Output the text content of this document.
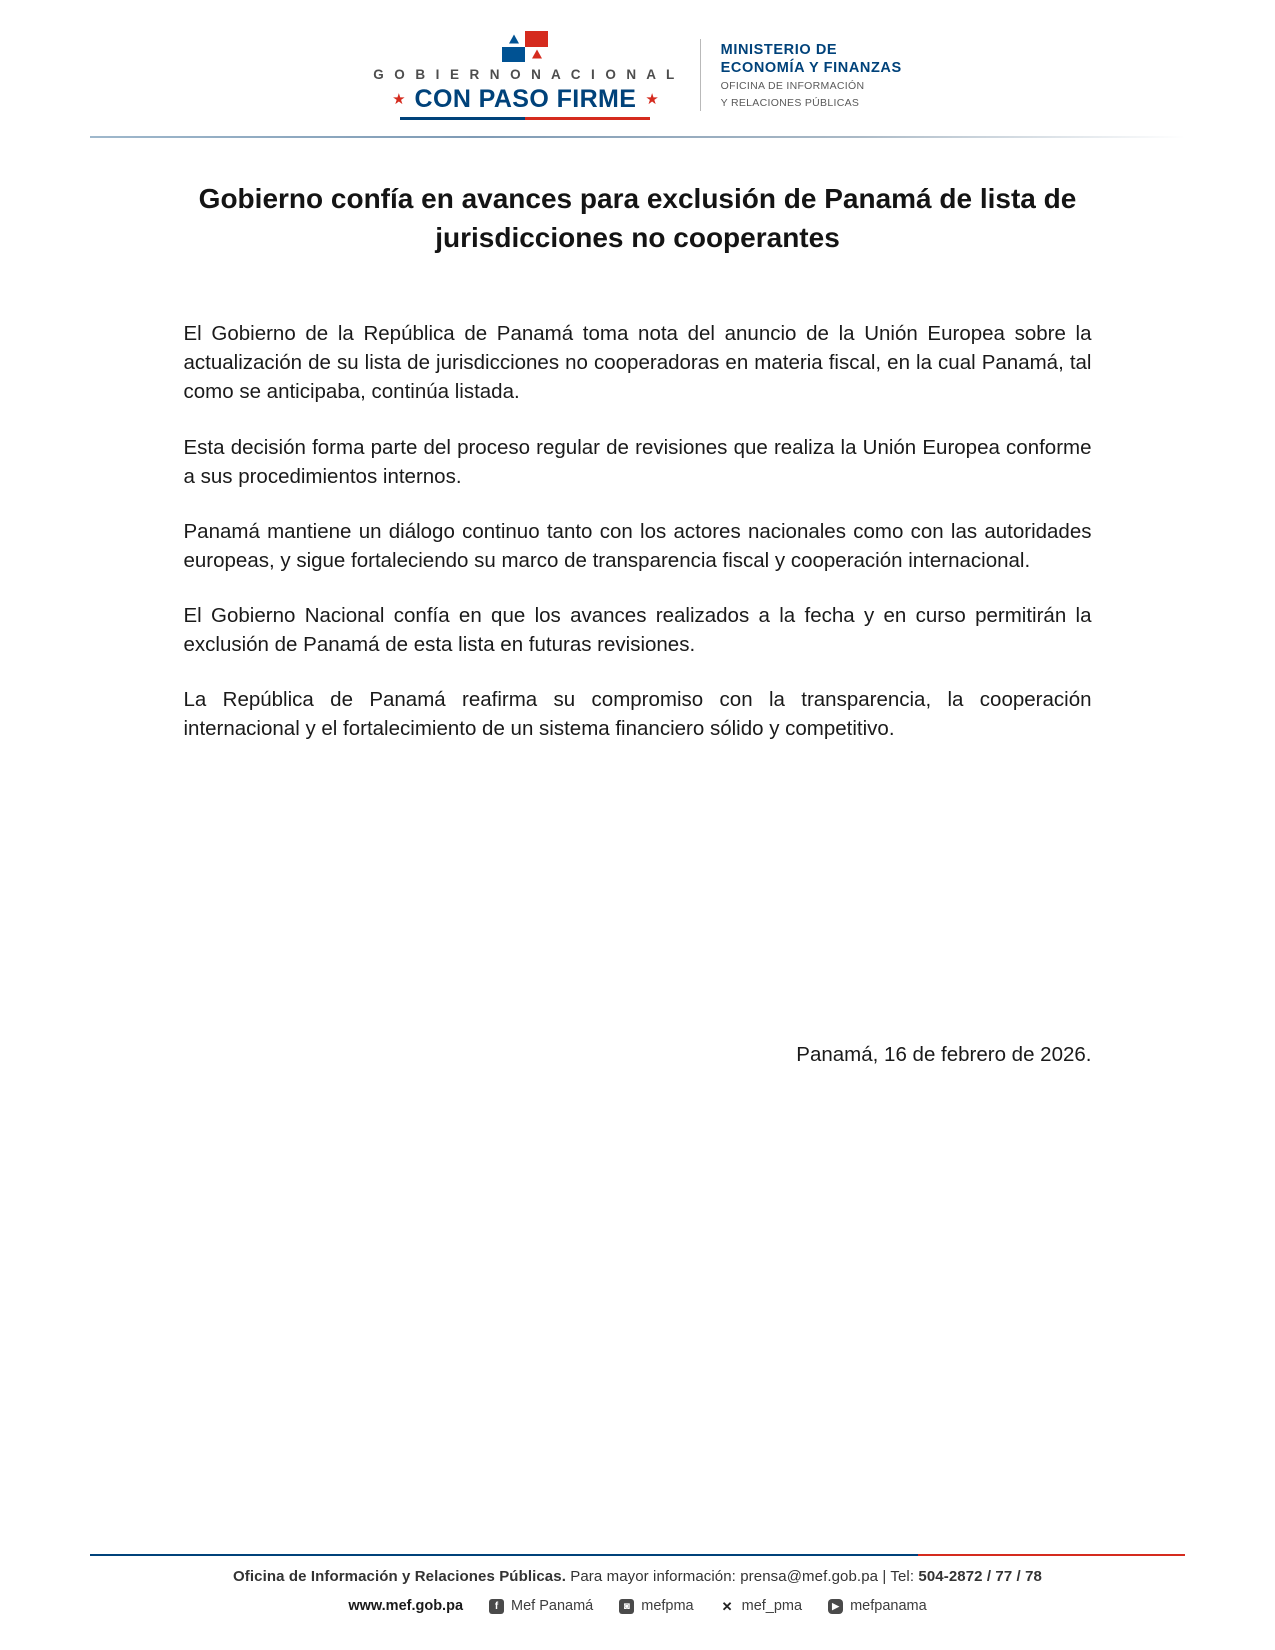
G O B I E R N O N A C I O N A L
★ CON PASO FIRME ★
MINISTERIO DE
ECONOMÍA Y FINANZAS
OFICINA DE INFORMACIÓN
Y RELACIONES PÚBLICAS
Gobierno confía en avances para exclusión de Panamá de lista de jurisdicciones no cooperantes

El Gobierno de la República de Panamá toma nota del anuncio de la Unión Europea sobre la actualización de su lista de jurisdicciones no cooperadoras en materia fiscal, en la cual Panamá, tal como se anticipaba, continúa listada.

Esta decisión forma parte del proceso regular de revisiones que realiza la Unión Europea conforme a sus procedimientos internos.

Panamá mantiene un diálogo continuo tanto con los actores nacionales como con las autoridades europeas, y sigue fortaleciendo su marco de transparencia fiscal y cooperación internacional.

El Gobierno Nacional confía en que los avances realizados a la fecha y en curso permitirán la exclusión de Panamá de esta lista en futuras revisiones.

La República de Panamá reafirma su compromiso con la transparencia, la cooperación internacional y el fortalecimiento de un sistema financiero sólido y competitivo.

Panamá, 16 de febrero de 2026.
Oficina de Información y Relaciones Públicas. Para mayor información: prensa@mef.gob.pa | Tel: 504-2872 / 77 / 78
www.mef.gob.pa	f Mef Panamá	◙ mefpma ✕ mef_pma	▶ mefpanama
